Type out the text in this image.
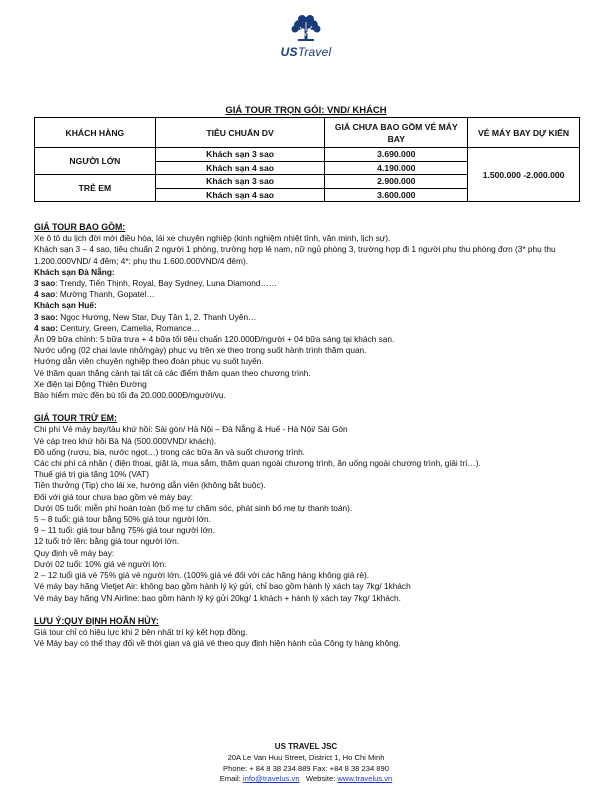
USTravel
GIÁ TOUR TRỌN GÓI: VND/ KHÁCH
KHÁCH HÀNG	TIÊU CHUẨN DV	GIÁ CHƯA BAO GỒM VÉ MÁY BAY	VÉ MÁY BAY DỰ KIẾN
NGƯỜI LỚN	Khách sạn 3 sao	3.690.000	1.500.000 -2.000.000
	Khách sạn 4 sao	4.190.000	
TRẺ EM	Khách sạn 3 sao	2.900.000	
	Khách sạn 4 sao	3.600.000	

GIÁ TOUR BAO GỒM:

Xe ô tô du lịch đời mới điều hòa, lái xe chuyên nghiệp (kinh nghiệm nhiệt tình, văn minh, lịch sự).

Khách sạn 3 – 4 sao, tiêu chuẩn 2 người 1 phòng, trường hợp lẻ nam, nữ ngủ phòng 3, trường hợp đi 1 người phụ thu phòng đơn (3* phụ thu 1.200.000VND/ 4 đêm; 4*: phụ thu 1.600.000VND/4 đêm).

Khách sạn Đà Nẵng:

3 sao: Trendy, Tiến Thịnh, Royal, Bay Sydney, Luna Diamond……

4 sao: Mường Thanh, Gopatel…

Khách sạn Huế:

3 sao: Ngọc Hương, New Star, Duy Tân 1, 2. Thanh Uyên…

4 sao: Century, Green, Camelia, Romance…

Ăn 09 bữa chính: 5 bữa trưa + 4 bữa tối tiêu chuẩn 120.000Đ/người + 04 bữa sáng tại khách sạn.

Nước uống (02 chai lavie nhỏ/ngày) phục vụ trên xe theo trong suốt hành trình thăm quan.

Hướng dẫn viên chuyên nghiệp theo đoàn phục vụ suốt tuyến.

Vé thăm quan thắng cảnh tại tất cả các điểm thăm quan theo chương trình.

Xe điện tại Động Thiên Đường

Bảo hiểm mức đền bù tối đa 20.000.000Đ/người/vụ.

GIÁ TOUR TRỪ EM:

Chi phí Vé máy bay/tàu khứ hồi: Sài gòn/ Hà Nội – Đà Nẵng & Huế - Hà Nội/ Sài Gòn

Vé cáp treo khứ hồi Bà Nà (500.000VND/ khách).

Đồ uống (rượu, bia, nước ngọt…) trong các bữa ăn và suốt chương trình.

Các chi phí cá nhân ( điện thoại, giặt là, mua sắm, thăm quan ngoài chương trình, ăn uống ngoài chương trình, giải trí…).

Thuế giá trị gia tăng 10% (VAT)

Tiền thưởng (Tip) cho lái xe, hướng dẫn viên (không bắt buộc).

Đối với giá tour chưa bao gồm vé máy bay:

Dưới 05 tuổi: miễn phí hoàn toàn (bố mẹ tự chăm sóc, phát sinh bố mẹ tự thanh toán).

5 – 8 tuổi: giá tour bằng 50% giá tour người lớn.

9 – 11 tuổi: giá tour bằng 75% giá tour người lớn.

12 tuổi trở lên: bằng giá tour người lớn.

Quy định về máy bay:

Dưới 02 tuổi: 10% giá vé người lớn.

2 – 12 tuổi giá vé 75% giá vé người lớn. (100% giá vé đối với các hãng hàng không giá rẻ).

Vé máy bay hãng Vietjet Air: không bao gồm hành lý ký gửi, chỉ bao gồm hành lý xách tay 7kg/ 1khách

Vé máy bay hãng VN Airline: bao gồm hành lý ký gửi 20kg/ 1 khách + hành lý xách tay 7kg/ 1khách.

LƯU Ý:QUY ĐỊNH HOÃN HỦY:

Giá tour chỉ có hiệu lực khi 2 bên nhất trí ký kết hợp đồng.

Vé Máy bay có thể thay đổi về thời gian và giá vé theo quy định hiện hành của Công ty hàng không.

US TRAVEL JSC
20A Le Van Huu Street, District 1, Ho Chi Minh
Phone: + 84 8 38 234 889 Fax: +84 8 38 234 890
Email: info@travelus.vn   Website: www.travelus.vn
